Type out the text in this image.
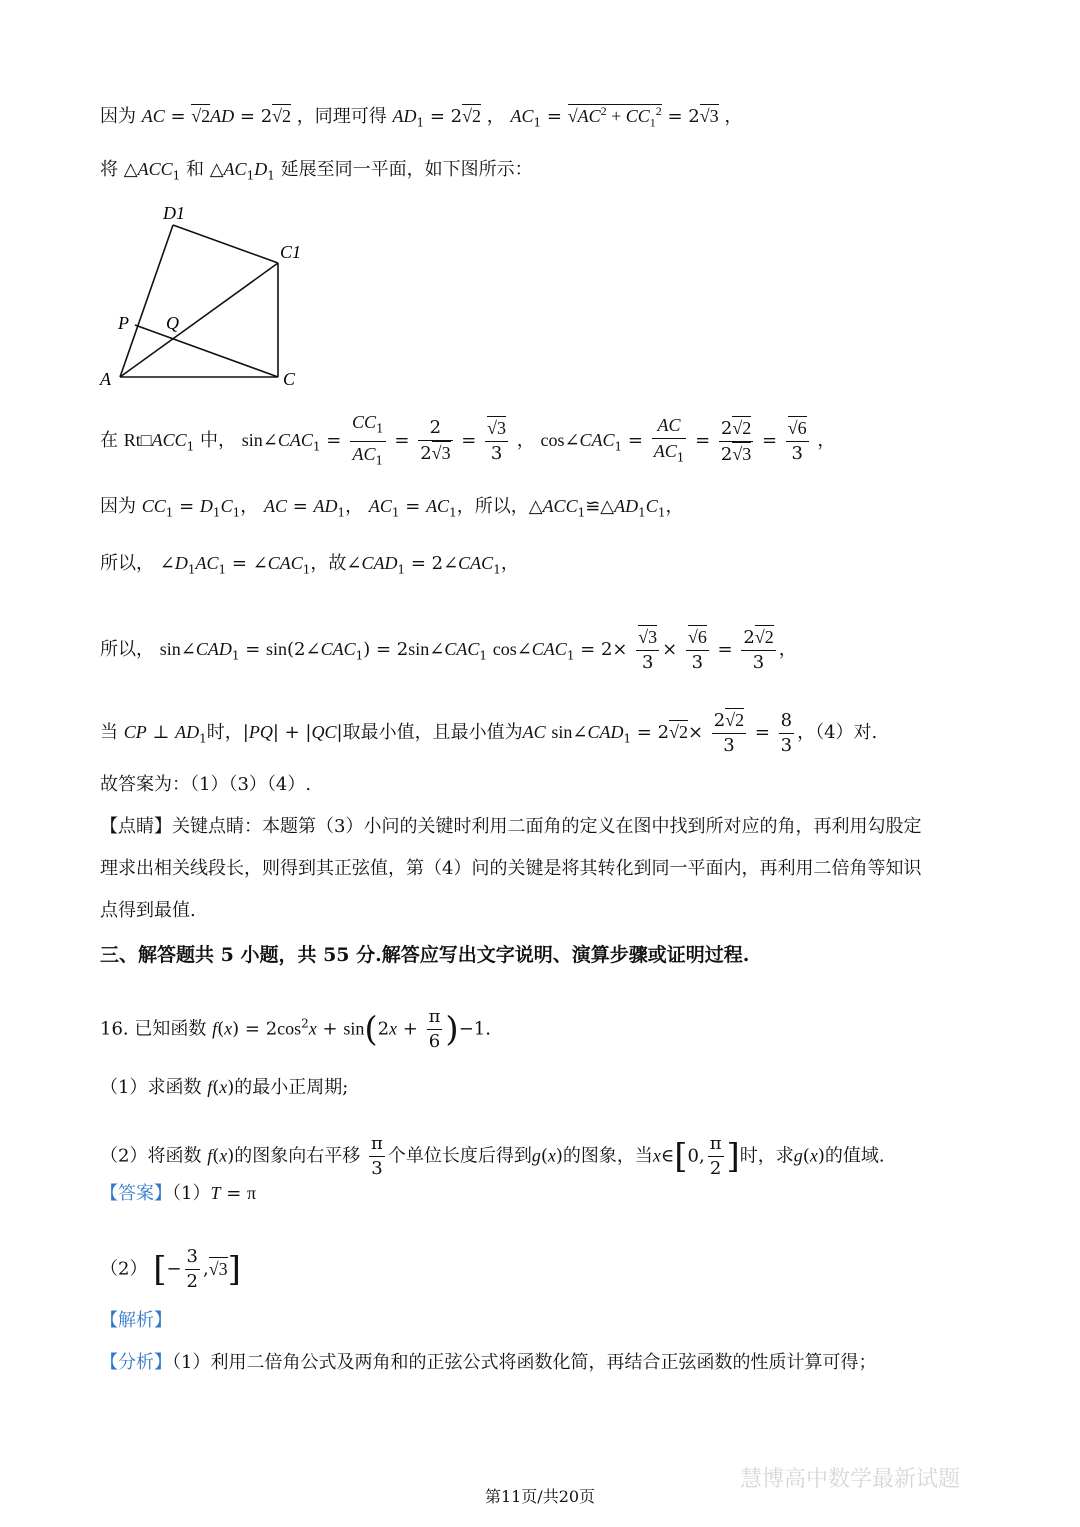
因为 AC = √ 2AD = 2√ 2 ，同理可得 $AD_1 = 2√$ 2 ， $AC_1$ = √ $AC^2 + CC_1^2 = 2√$ 3 ，
将 $\triangle ACC_1$ 和 $\triangle AC_1D_1$ 延展至同一平面，如下图所示：
D1
C1
P Q
A	C
在 $Rt□ACC_1$ 中， $\sin\angle CAC_1 = \frac{CC_1}{AC_1} = \frac{2}{2√ 3}$ =
√ $\frac{3}{3}$ ， $\cos\angle CAC_1 = \frac{AC}{AC_1} = \frac{2√ 2}{2√ 3}$ =
√ $\frac{6}{3}$ ，
因为 $CC_1 = D_1C_1$， AC = $AD_1$， $AC_1 = AC_1$，所以，$\triangle ACC_1≌\triangle AD_1C_1$，
所以， $\angle D_1AC_1$ = $\angle CAC_1$，故$\angle CAD_1$ = $2\angle CAC_1$，
所以， $\sin\angle CAD_1$ = $\sin(2\angle CAC_1)$ = $2\sin\angle CAC_1$ $\cos\angle CAC_1 = 2\times$
√ $\frac{3}{3}$ ×
√ $\frac{6}{3} = \frac{2√ 2}{3}$ ，
当 CP ⊥ $AD_1$时，|PQ| + |QC|取最小值，且最小值为AC $\sin\angle CAD_1 = 2√$ $2\times \frac{2√ 2}{3} = \frac{8}{3}$ ，（4）对.
故答案为：（1）（3）（4）.
【点睛】关键点睛：本题第（3）小问的关键时利用二面角的定义在图中找到所对应的角，再利用勾股定
理求出相关线段长，则得到其正弦值，第（4）问的关键是将其转化到同一平面内，再利用二倍角等知识
点得到最值.
三、解答题共 5 小题，共 55 分.解答应写出文字说明、演算步骤或证明过程.
16. 已知函数 $f(x) = 2\cos^2x + \sin(2x + \frac{\pi}{6} )-1$.
（1）求函数 f(x)的最小正周期;
（2）将函数 f(x)的图象向右平移 $\frac{\pi}{3}$ 个单位长度后得到g(x)的图象，当x∈[0, $\frac{\pi}{2}$ ]时，求g(x)的值域.
【答案】（1）T = π
（2） [− $\frac{3}{2}$ ,√ 3]
【解析】
【分析】（1）利用二倍角公式及两角和的正弦公式将函数化简，再结合正弦函数的性质计算可得；
慧博高中数学最新试题
第11页/共20页
